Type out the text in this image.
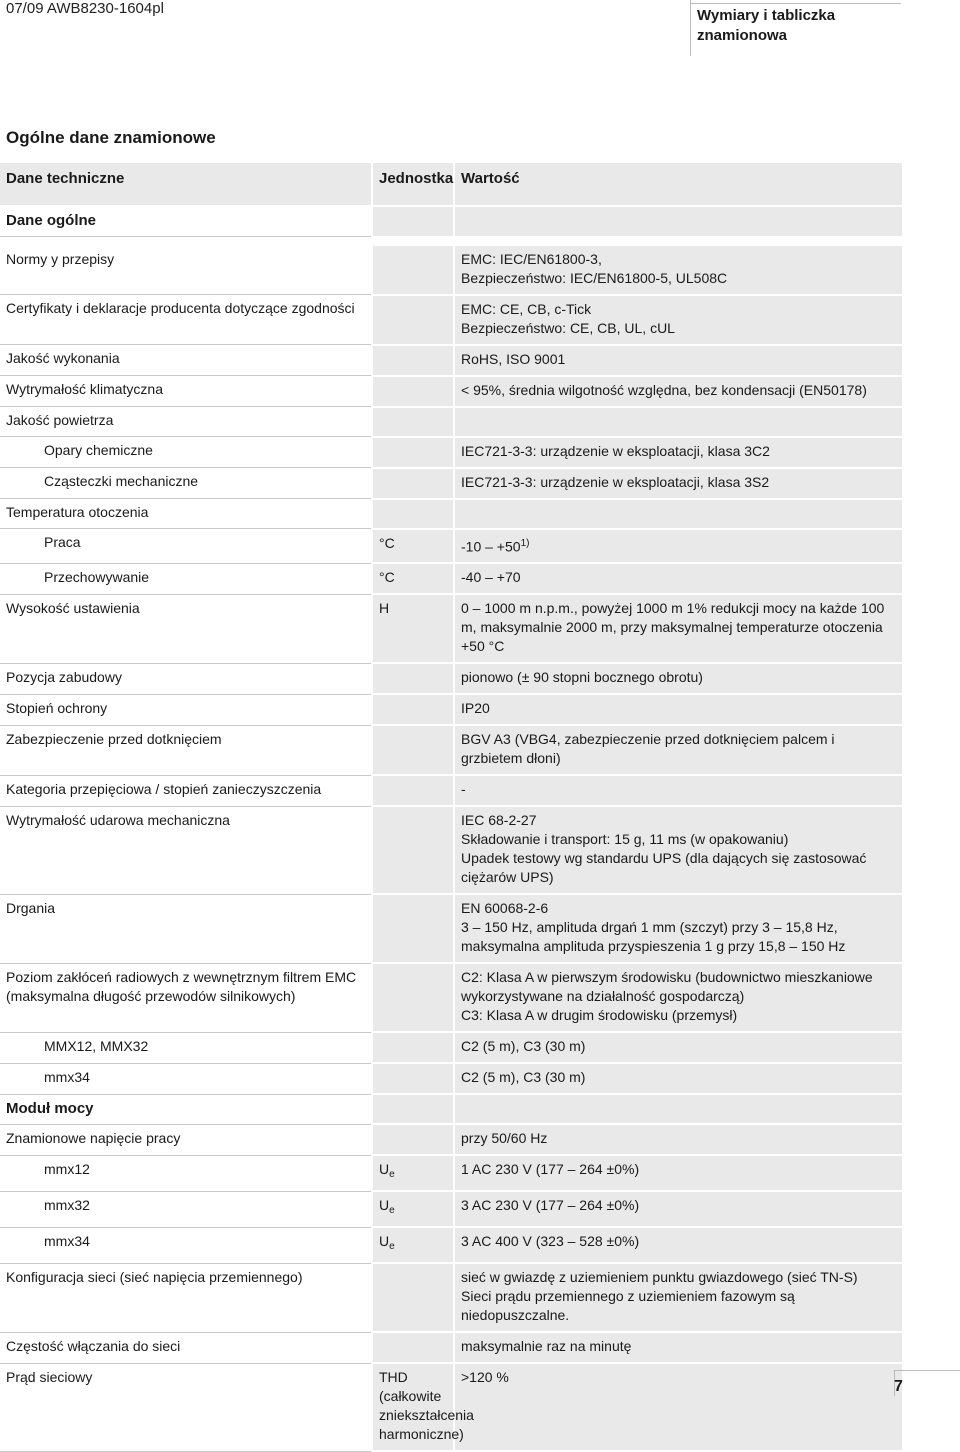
07/09 AWB8230-1604pl	Wymiary i tabliczka
znamionowa
Ogólne dane znamionowe
Dane techniczne	Jednostka	Wartość
Dane ogólne		

Normy y przepisy		EMC: IEC/EN61800-3,
Bezpieczeństwo: IEC/EN61800-5, UL508C
Certyfikaty i deklaracje producenta dotyczące zgodności		EMC: CE, CB, c-Tick
Bezpieczeństwo: CE, CB, UL, cUL
Jakość wykonania		RoHS, ISO 9001
Wytrymałość klimatyczna		< 95%, średnia wilgotność względna, bez kondensacji (EN50178)
Jakość powietrza		
Opary chemiczne		IEC721-3-3: urządzenie w eksploatacji, klasa 3C2
Cząsteczki mechaniczne		IEC721-3-3: urządzenie w eksploatacji, klasa 3S2
Temperatura otoczenia		
Praca	°C	$-10 - +50^{1)}$
Przechowywanie	°C	-40 – +70
Wysokość ustawienia	H	0 – 1000 m n.p.m., powyżej 1000 m 1% redukcji mocy na każde 100 m, maksymalnie 2000 m, przy maksymalnej temperaturze otoczenia +50 °C
Pozycja zabudowy		pionowo (± 90 stopni bocznego obrotu)
Stopień ochrony		IP20
Zabezpieczenie przed dotknięciem		BGV A3 (VBG4, zabezpieczenie przed dotknięciem palcem i grzbietem dłoni)
Kategoria przepięciowa / stopień zanieczyszczenia		-
Wytrymałość udarowa mechaniczna		IEC 68-2-27
Składowanie i transport: 15 g, 11 ms (w opakowaniu)
Upadek testowy wg standardu UPS (dla dających się zastosować ciężarów UPS)
Drgania		EN 60068-2-6
3 – 150 Hz, amplituda drgań 1 mm (szczyt) przy 3 – 15,8 Hz,
maksymalna amplituda przyspieszenia 1 g przy 15,8 – 150 Hz
Poziom zakłóceń radiowych z wewnętrznym filtrem EMC (maksymalna długość przewodów silnikowych)		C2: Klasa A w pierwszym środowisku (budownictwo mieszkaniowe wykorzystywane na działalność gospodarczą)
C3: Klasa A w drugim środowisku (przemysł)
MMX12, MMX32		C2 (5 m), C3 (30 m)
mmx34		C2 (5 m), C3 (30 m)
Moduł mocy		
Znamionowe napięcie pracy		przy 50/60 Hz
mmx12	$U_e$	1 AC 230 V (177 – 264 ±0%)
mmx32	$U_e$	3 AC 230 V (177 – 264 ±0%)
mmx34	$U_e$	3 AC 400 V (323 – 528 ±0%)
Konfiguracja sieci (sieć napięcia przemiennego)		sieć w gwiazdę z uziemieniem punktu gwiazdowego (sieć TN-S)
Sieci prądu przemiennego z uziemieniem fazowym są niedopuszczalne.
Częstość włączania do sieci		maksymalnie raz na minutę
Prąd sieciowy	THD (całkowite zniekształcenia harmoniczne)	>120 %
7
